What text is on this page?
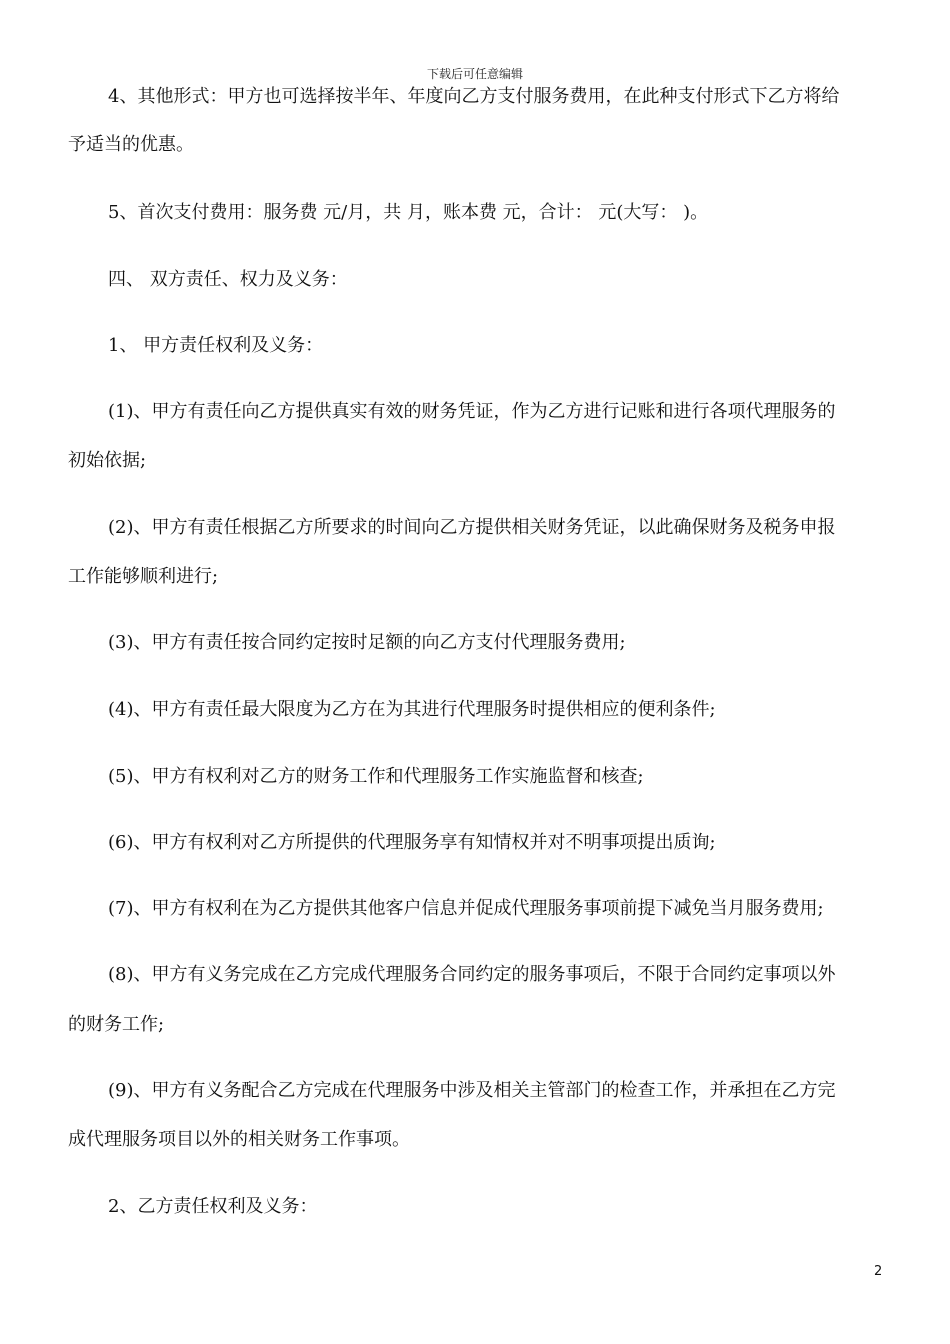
下载后可任意编辑
4、其他形式：甲方也可选择按半年、年度向乙方支付服务费用，在此种支付形式下乙方将给
予适当的优惠。
5、首次支付费用：服务费 元/月，共 月，账本费 元，合计： 元(大写： )。
四、 双方责任、权力及义务：
1、 甲方责任权利及义务：
(1)、甲方有责任向乙方提供真实有效的财务凭证，作为乙方进行记账和进行各项代理服务的
初始依据;
(2)、甲方有责任根据乙方所要求的时间向乙方提供相关财务凭证，以此确保财务及税务申报
工作能够顺利进行;
(3)、甲方有责任按合同约定按时足额的向乙方支付代理服务费用;
(4)、甲方有责任最大限度为乙方在为其进行代理服务时提供相应的便利条件;
(5)、甲方有权利对乙方的财务工作和代理服务工作实施监督和核查;
(6)、甲方有权利对乙方所提供的代理服务享有知情权并对不明事项提出质询;
(7)、甲方有权利在为乙方提供其他客户信息并促成代理服务事项前提下减免当月服务费用;
(8)、甲方有义务完成在乙方完成代理服务合同约定的服务事项后，不限于合同约定事项以外
的财务工作;
(9)、甲方有义务配合乙方完成在代理服务中涉及相关主管部门的检查工作，并承担在乙方完
成代理服务项目以外的相关财务工作事项。
2、乙方责任权利及义务：
2
